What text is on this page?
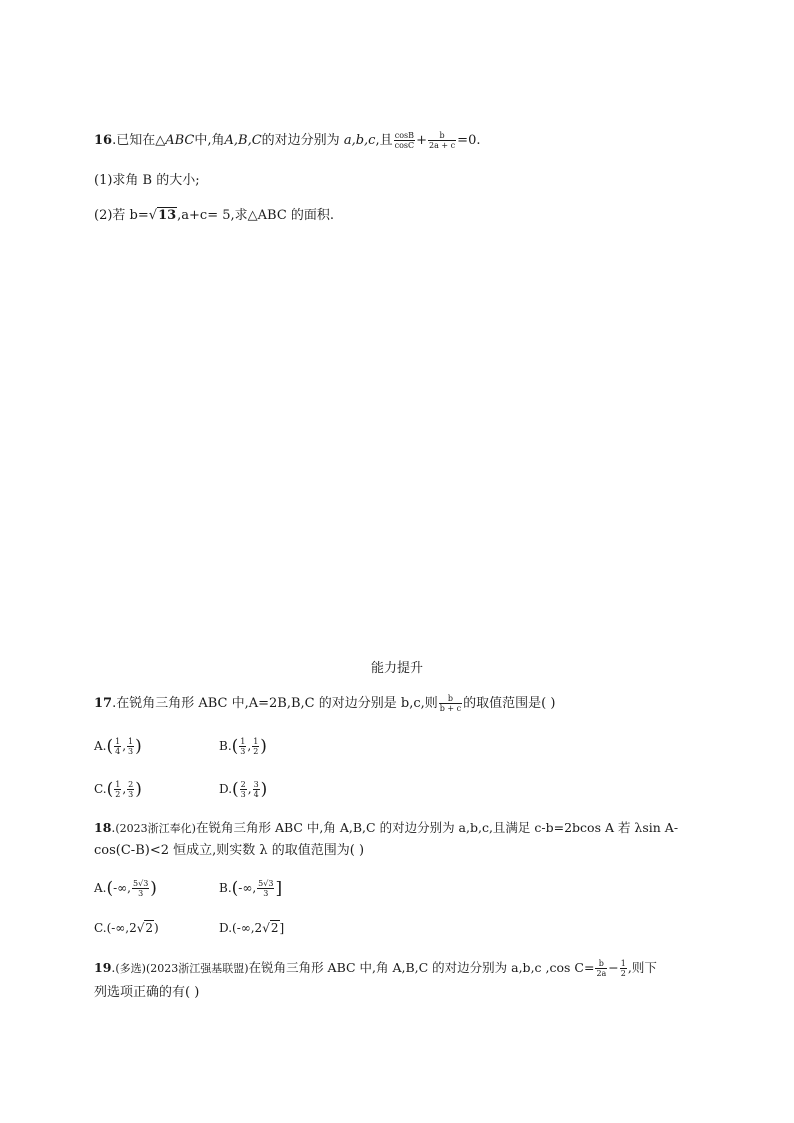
16.已知在△ABC中,角A,B,C的对边分别为 a,b,c,且 $\frac{\cos B}{\cos C} + \frac{b}{2a + c} =0$.
(1)求角 B 的大小;
(2)若 b=√13,a+c= 5,求△ABC 的面积.
能力提升
17.在锐角三角形 ABC 中,A=2B,B,C 的对边分别是 b,c,则 $\frac{b}{b + c}$ 的取值范围是( )
$A.( \frac{1}{4}$ , $\frac{1}{3}$ )	$B.( \frac{1}{3}$ , $\frac{1}{2}$ )
$C.( \frac{1}{2}$ , $\frac{2}{3}$ )	$D.( \frac{2}{3}$ , $\frac{3}{4}$ )
18.(2023浙江奉化)在锐角三角形 ABC 中,角 A,B,C 的对边分别为 a,b,c,且满足 c-b=2bcos A 若 λsin A-
cos(C-B)<2 恒成立,则实数 λ 的取值范围为( )
A.(-∞, $\frac{5√3}{3}$ )	B.(-∞, $\frac{5√3}{3}$ ]
C.(-∞,2√2)	D.(-∞,2√2]
19.(多选)(2023浙江强基联盟)在锐角三角形 ABC 中,角 A,B,C 的对边分别为 a,b,c ,cos $C= \frac{b}{2a} - \frac{1}{2}$ ,则下
列选项正确的有( )
